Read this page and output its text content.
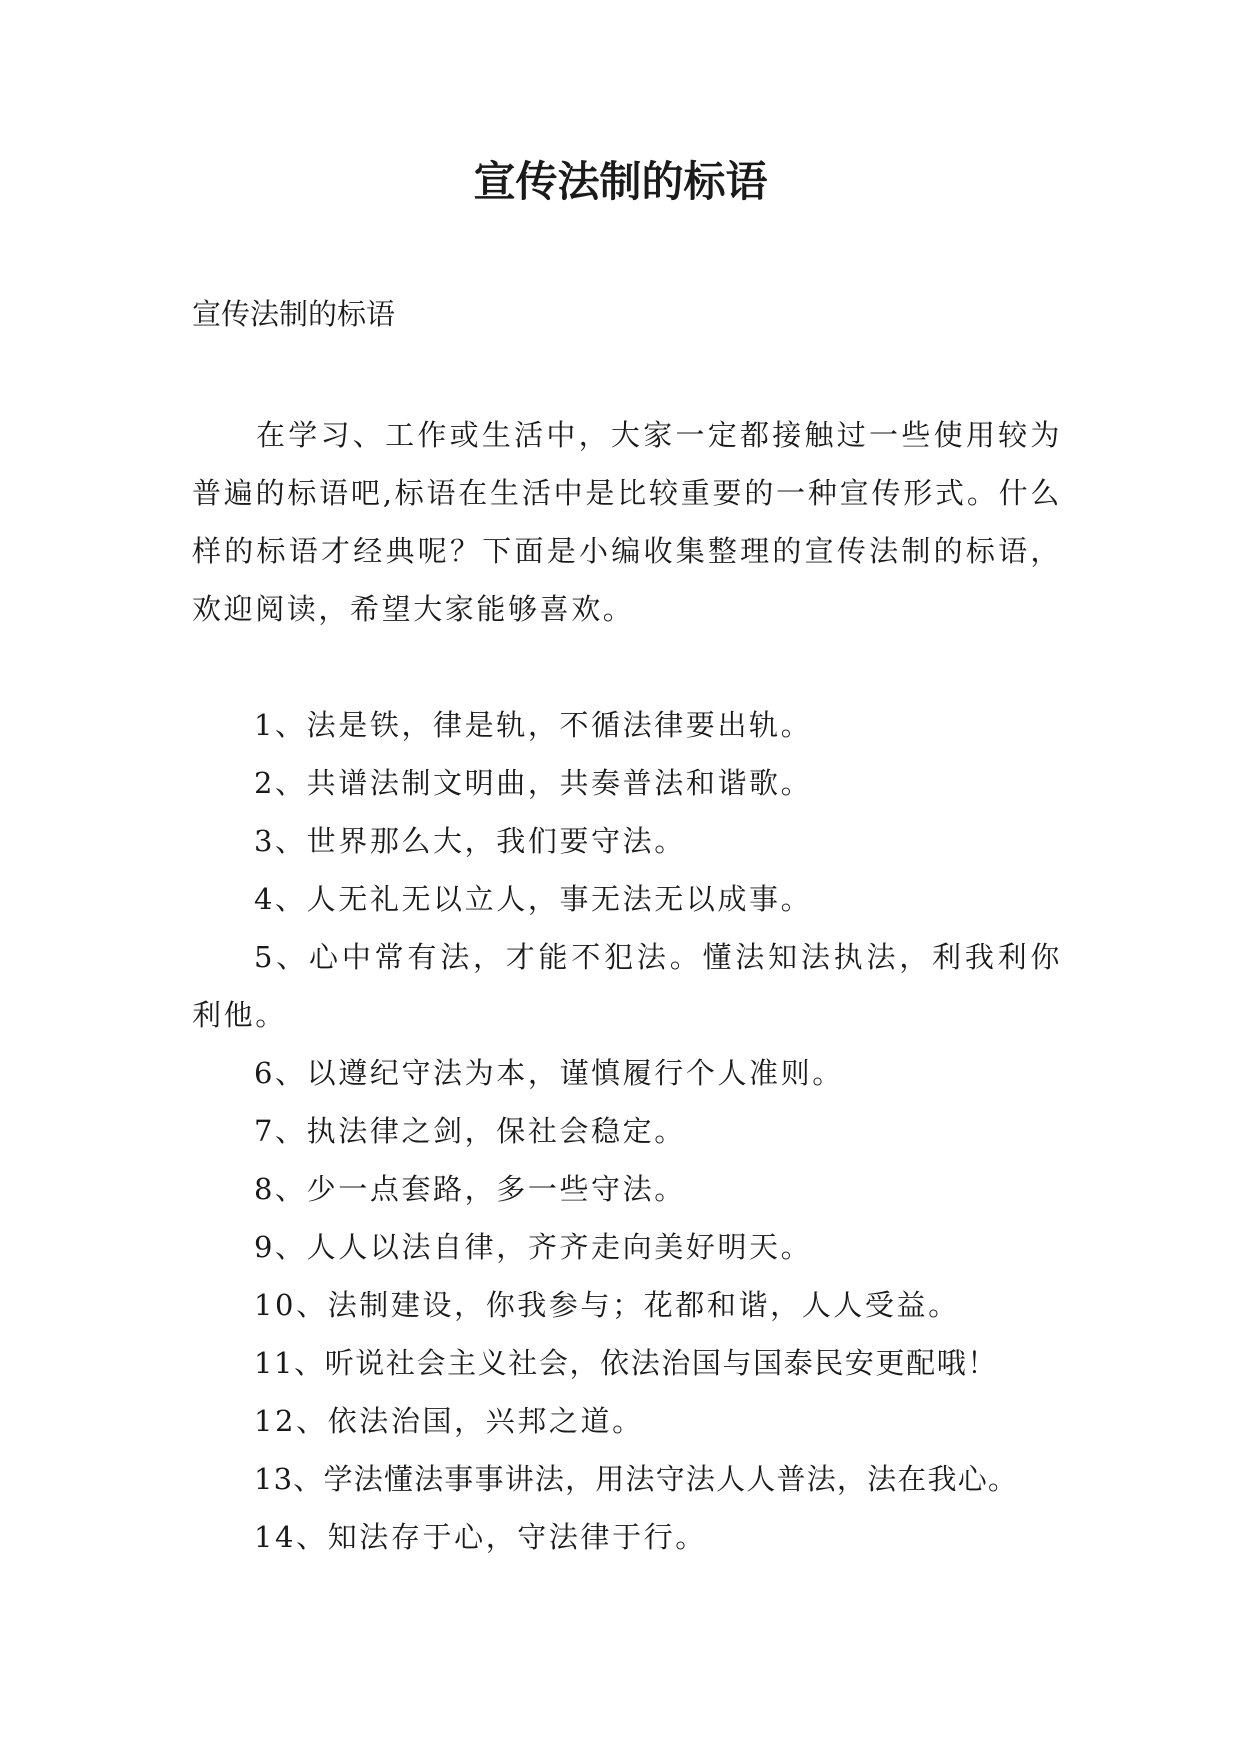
宣传法制的标语

宣传法制的标语

在学习、工作或生活中，大家一定都接触过一些使用较为普遍的标语吧,标语在生活中是比较重要的一种宣传形式。什么样的标语才经典呢？下面是小编收集整理的宣传法制的标语，欢迎阅读，希望大家能够喜欢。

1、法是铁，律是轨，不循法律要出轨。
2、共谱法制文明曲，共奏普法和谐歌。
3、世界那么大，我们要守法。
4、人无礼无以立人，事无法无以成事。
5、心中常有法，才能不犯法。懂法知法执法，利我利你利他。
6、以遵纪守法为本，谨慎履行个人准则。
7、执法律之剑，保社会稳定。
8、少一点套路，多一些守法。
9、人人以法自律，齐齐走向美好明天。
10、法制建设，你我参与；花都和谐，人人受益。
11、听说社会主义社会，依法治国与国泰民安更配哦！
12、依法治国，兴邦之道。
13、学法懂法事事讲法，用法守法人人普法，法在我心。
14、知法存于心，守法律于行。
